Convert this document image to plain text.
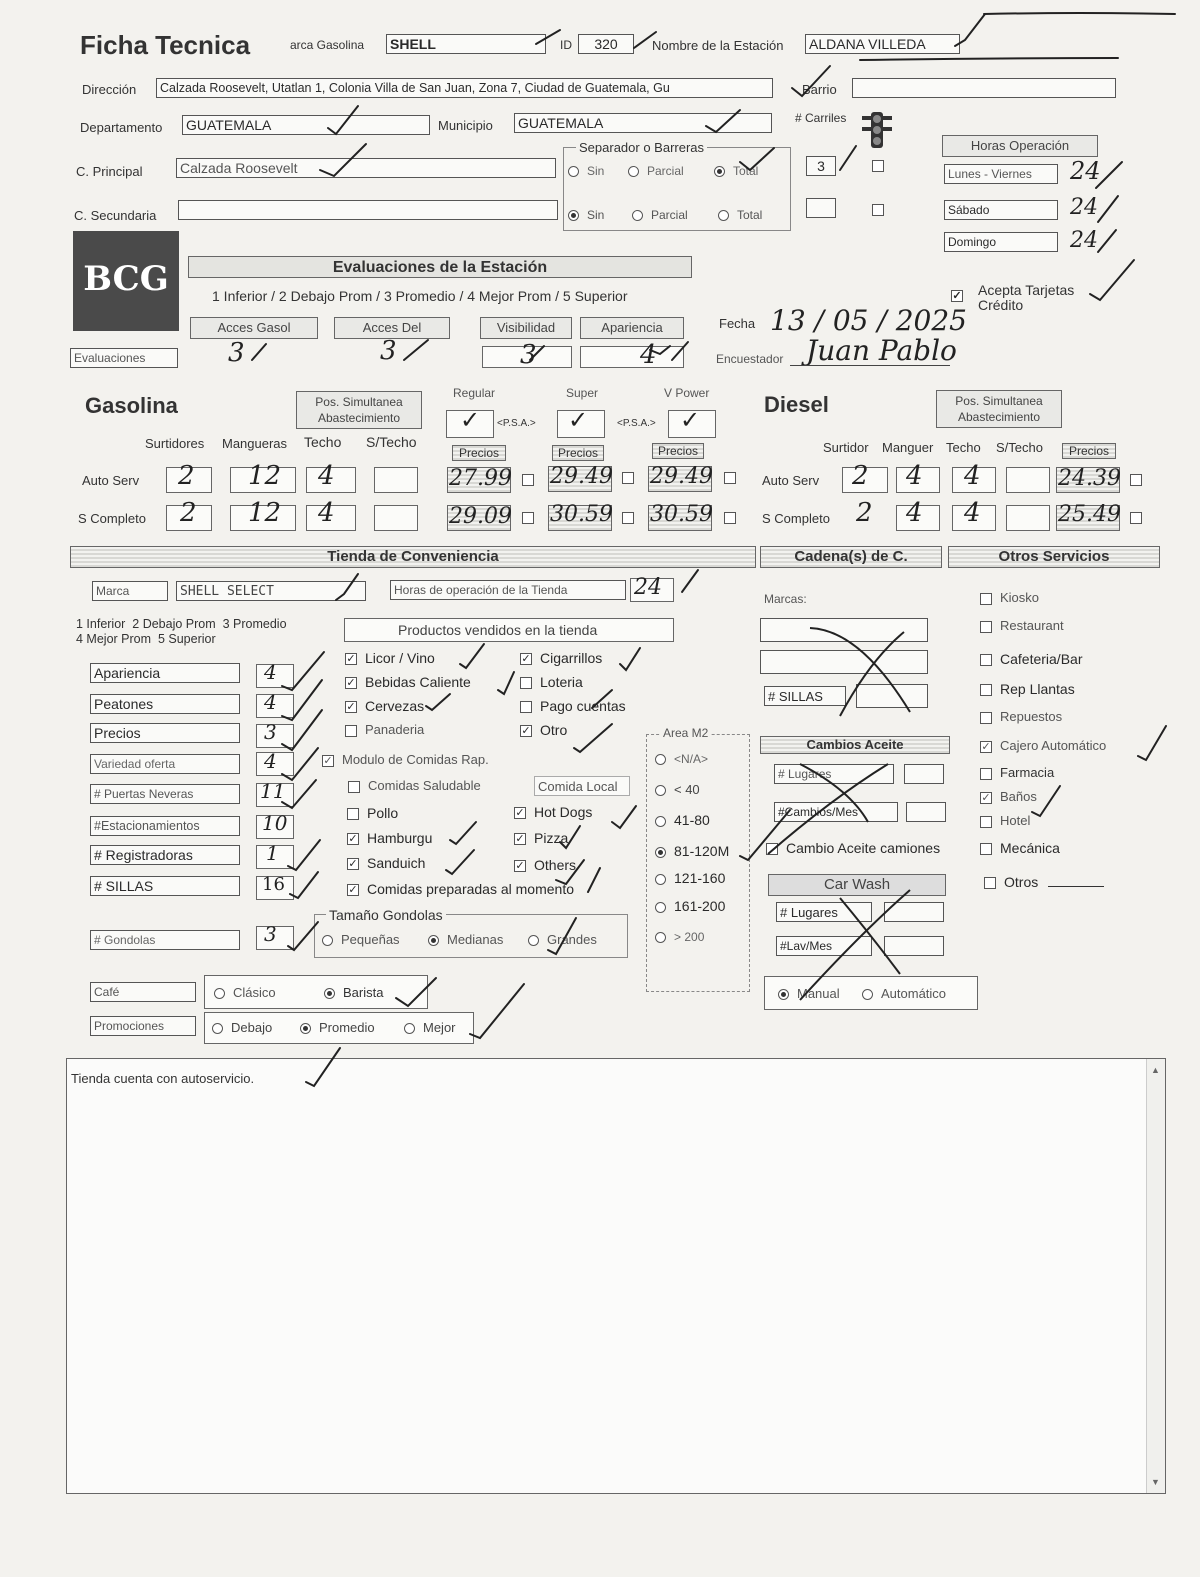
Ficha Tecnica	arca Gasolina SHELL	ID	320	Nombre de la Estación ALDANA VILLEDA
Dirección	Calzada Roosevelt, Utatlan 1, Colonia Villa de San Juan, Zona 7, Ciudad de Guatemala, Gu	Barrio
Departamento GUATEMALA	Municipio GUATEMALA
C. Principal	Calzada Roosevelt
C. Secundaria
Separador o Barreras
Sin	Parcial	Total
Sin	Parcial	Total
# Carriles
3
Horas Operación
Lunes - Viernes	24
Sábado	24
Domingo	24
BCG	Evaluaciones de la Estación
1 Inferior / 2 Debajo Prom / 3 Promedio / 4 Mejor Prom / 5 Superior
Acces Gasol	Acces Del	Visibilidad	Apariencia
Evaluaciones	3	3	3	4
✓ Acepta Tarjetas Crédito
Fecha 13 / 05 / 2025
Encuestador Juan Pablo
Gasolina	Pos. Simultanea Abastecimiento
Regular	Super	V Power
✓ <P.S.A.> ✓	<P.S.A.> ✓
Surtidores Mangueras Techo S/Techo
Precios	Precios	Precios
Auto Serv 2 12 4	27.99 29.49 29.49
S Completo 2 12 4	29.09 30.59 30.59
Diesel	Pos. Simultanea Abastecimiento
Surtidor Manguer Techo S/Techo	Precios
Auto Serv 2 4 4	24.39
S Completo 2 4 4	25.49
Tienda de Conveniencia	Cadena(s) de C.	Otros Servicios
Marca	SHELL SELECT	Horas de operación de la Tienda	24
1 Inferior  2 Debajo Prom  3 Promedio
4 Mejor Prom  5 Superior
Apariencia	4
Peatones	4
Precios	3
Variedad oferta	4
# Puertas Neveras	11
#Estacionamientos	10
# Registradoras	1
# SILLAS	16
# Gondolas	3
Productos vendidos en la tienda
✓ Licor / Vino
✓ Bebidas Caliente
✓ Cervezas
Panaderia
✓ Cigarrillos
Loteria
Pago cuentas
✓ Otro
✓ Modulo de Comidas Rap.
Comidas Saludable	Comida Local
Pollo
✓ Hamburgu
✓ Sanduich
✓ Comidas preparadas al momento
✓ Hot Dogs
✓ Pizza
✓ Others
Tamaño Gondolas
Pequeñas	Medianas	Grandes
Area M2
<N/A>
< 40
41-80
81-120M
121-160
161-200
> 200
Café	Clásico	Barista
Promociones	Debajo	Promedio	Mejor
Marcas:
# SILLAS
Cambios Aceite
# Lugares
#Cambios/Mes
Cambio Aceite camiones
Car Wash
# Lugares
#Lav/Mes
Manual	Automático
Kiosko
Restaurant
Cafeteria/Bar
Rep Llantas
Repuestos
✓ Cajero Automático
Farmacia
✓ Baños
Hotel
Mecánica
Otros
Tienda cuenta con autoservicio.
▲
▼
